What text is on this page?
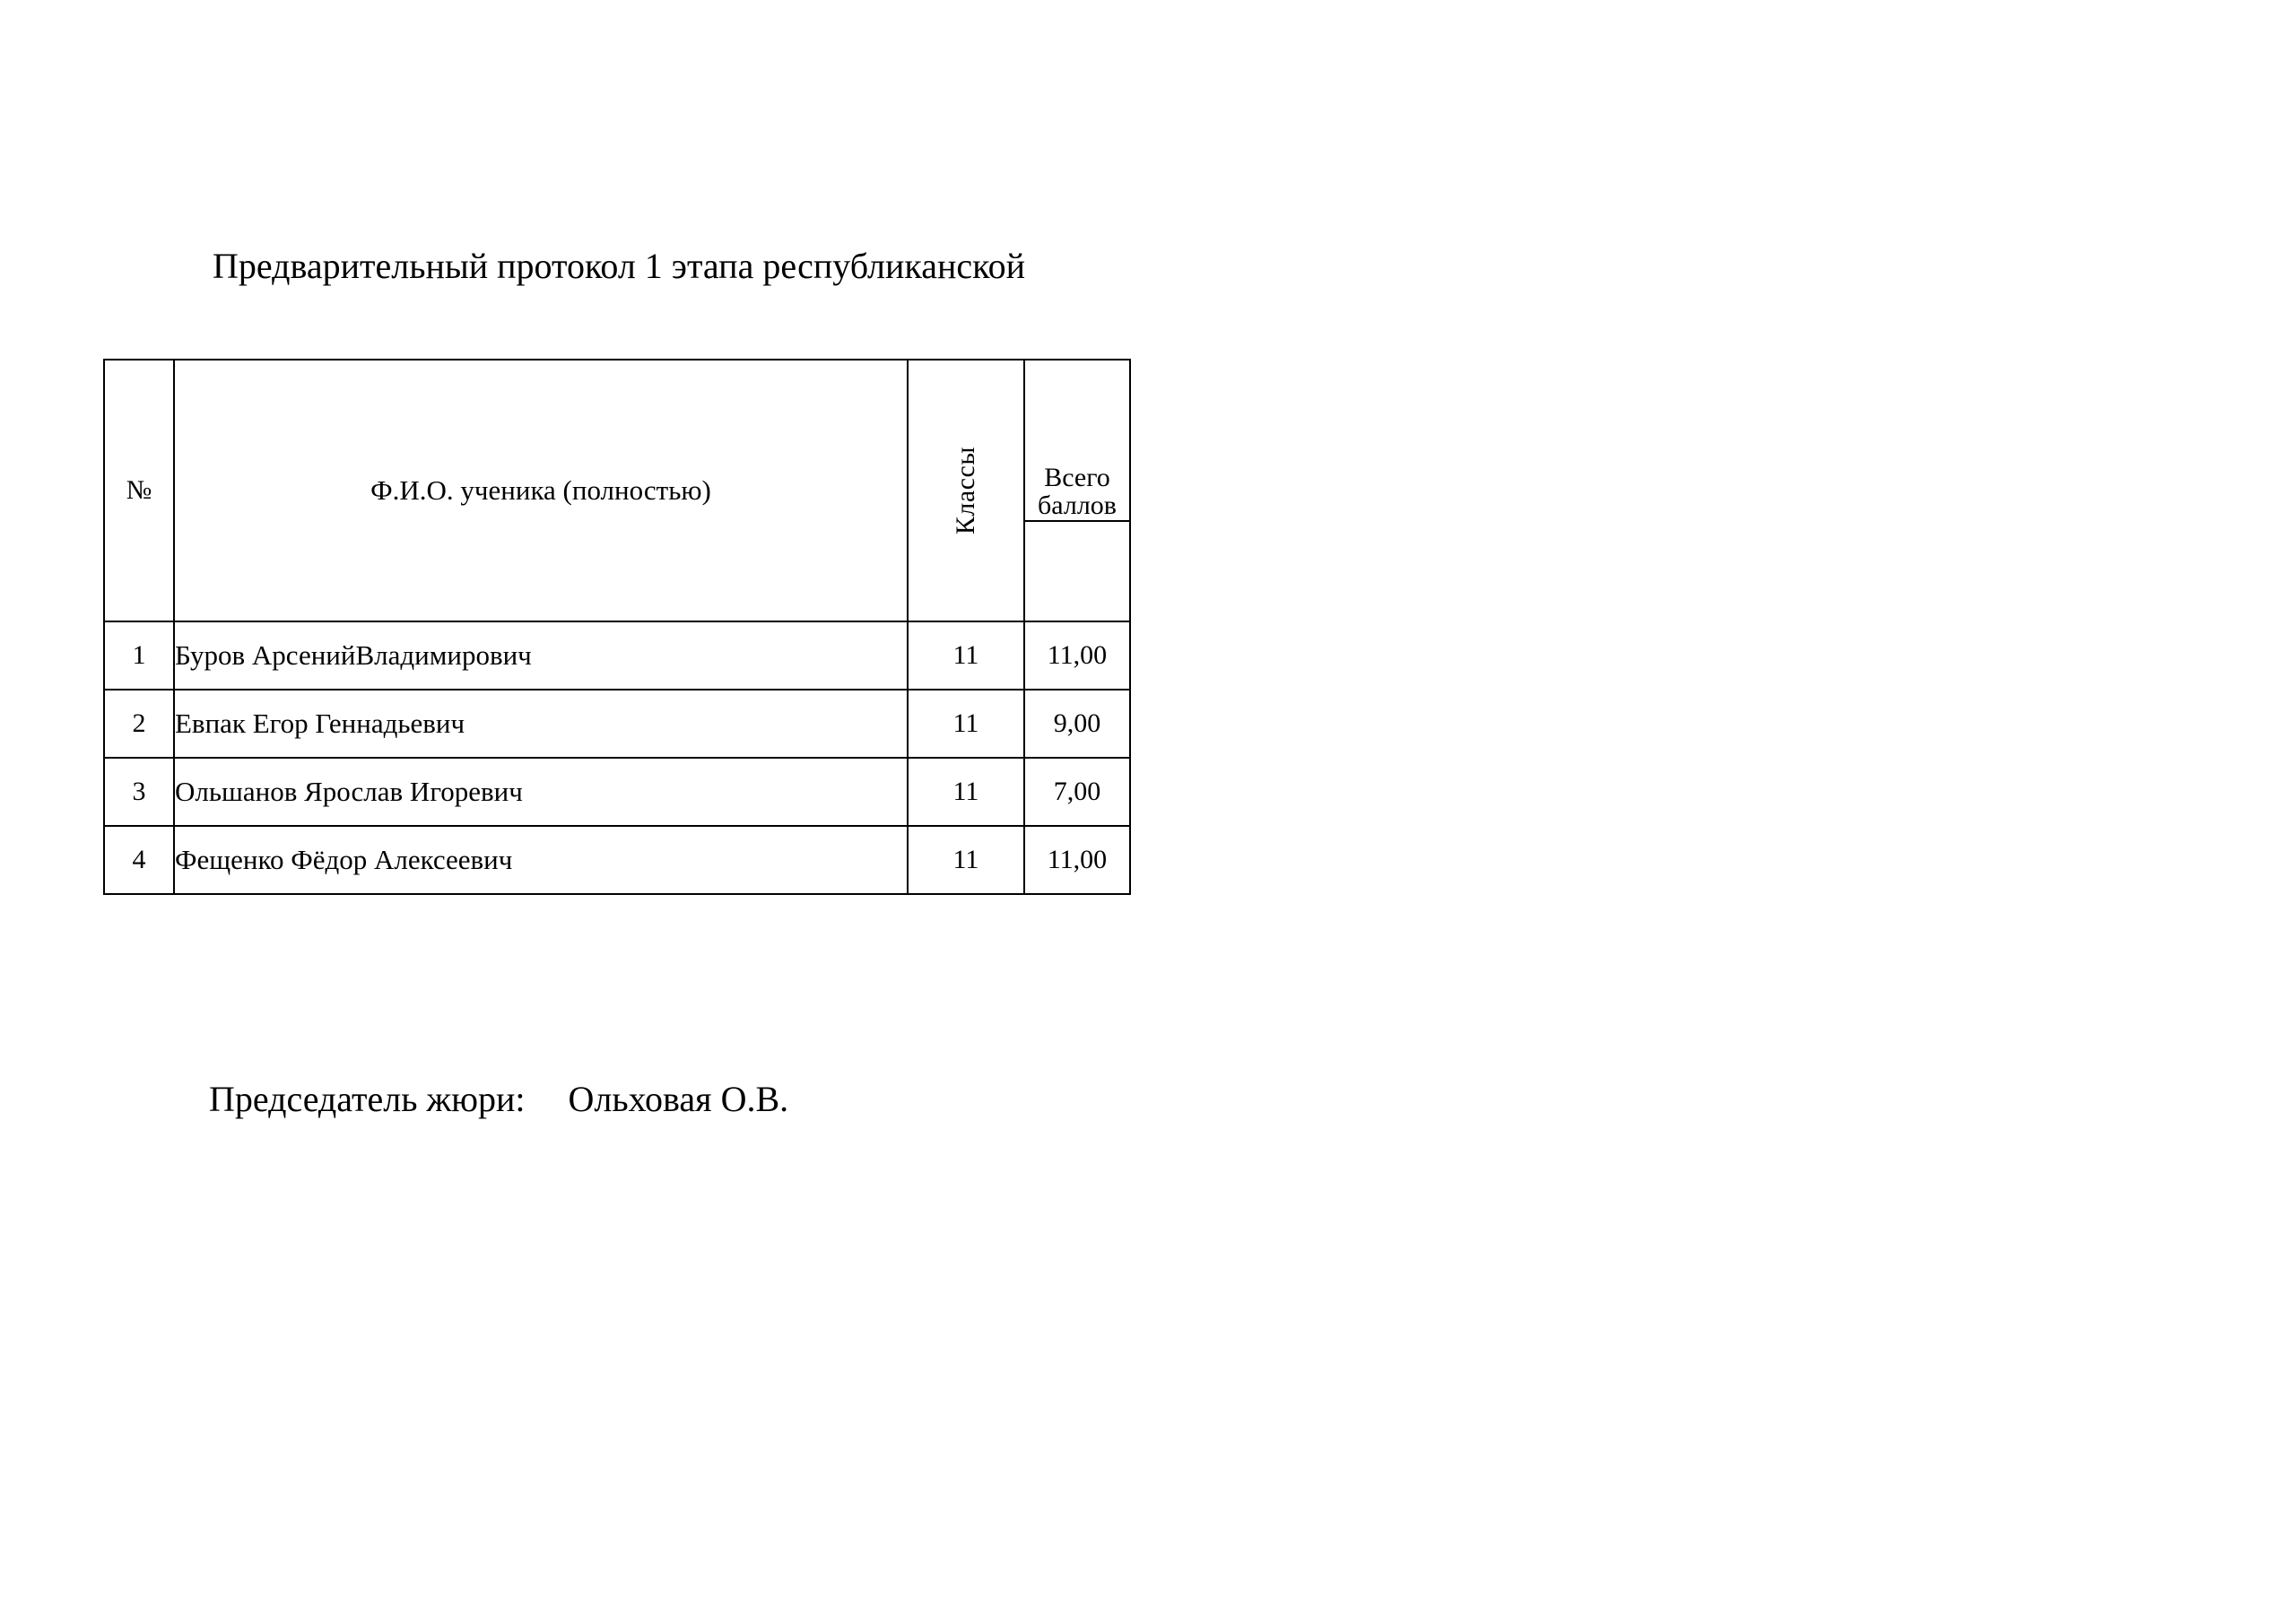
Предварительный протокол 1 этапа республиканской

№	Ф.И.О. ученика (полностью)	Классы	Всего
баллов

1	Буров АрсенийВладимирович	11	11,00
2	Евпак Егор Геннадьевич	11	9,00
3	Ольшанов Ярослав Игоревич	11	7,00
4	Фещенко Фёдор Алексеевич	11	11,00

Председатель жюри: Ольховая О.В.
